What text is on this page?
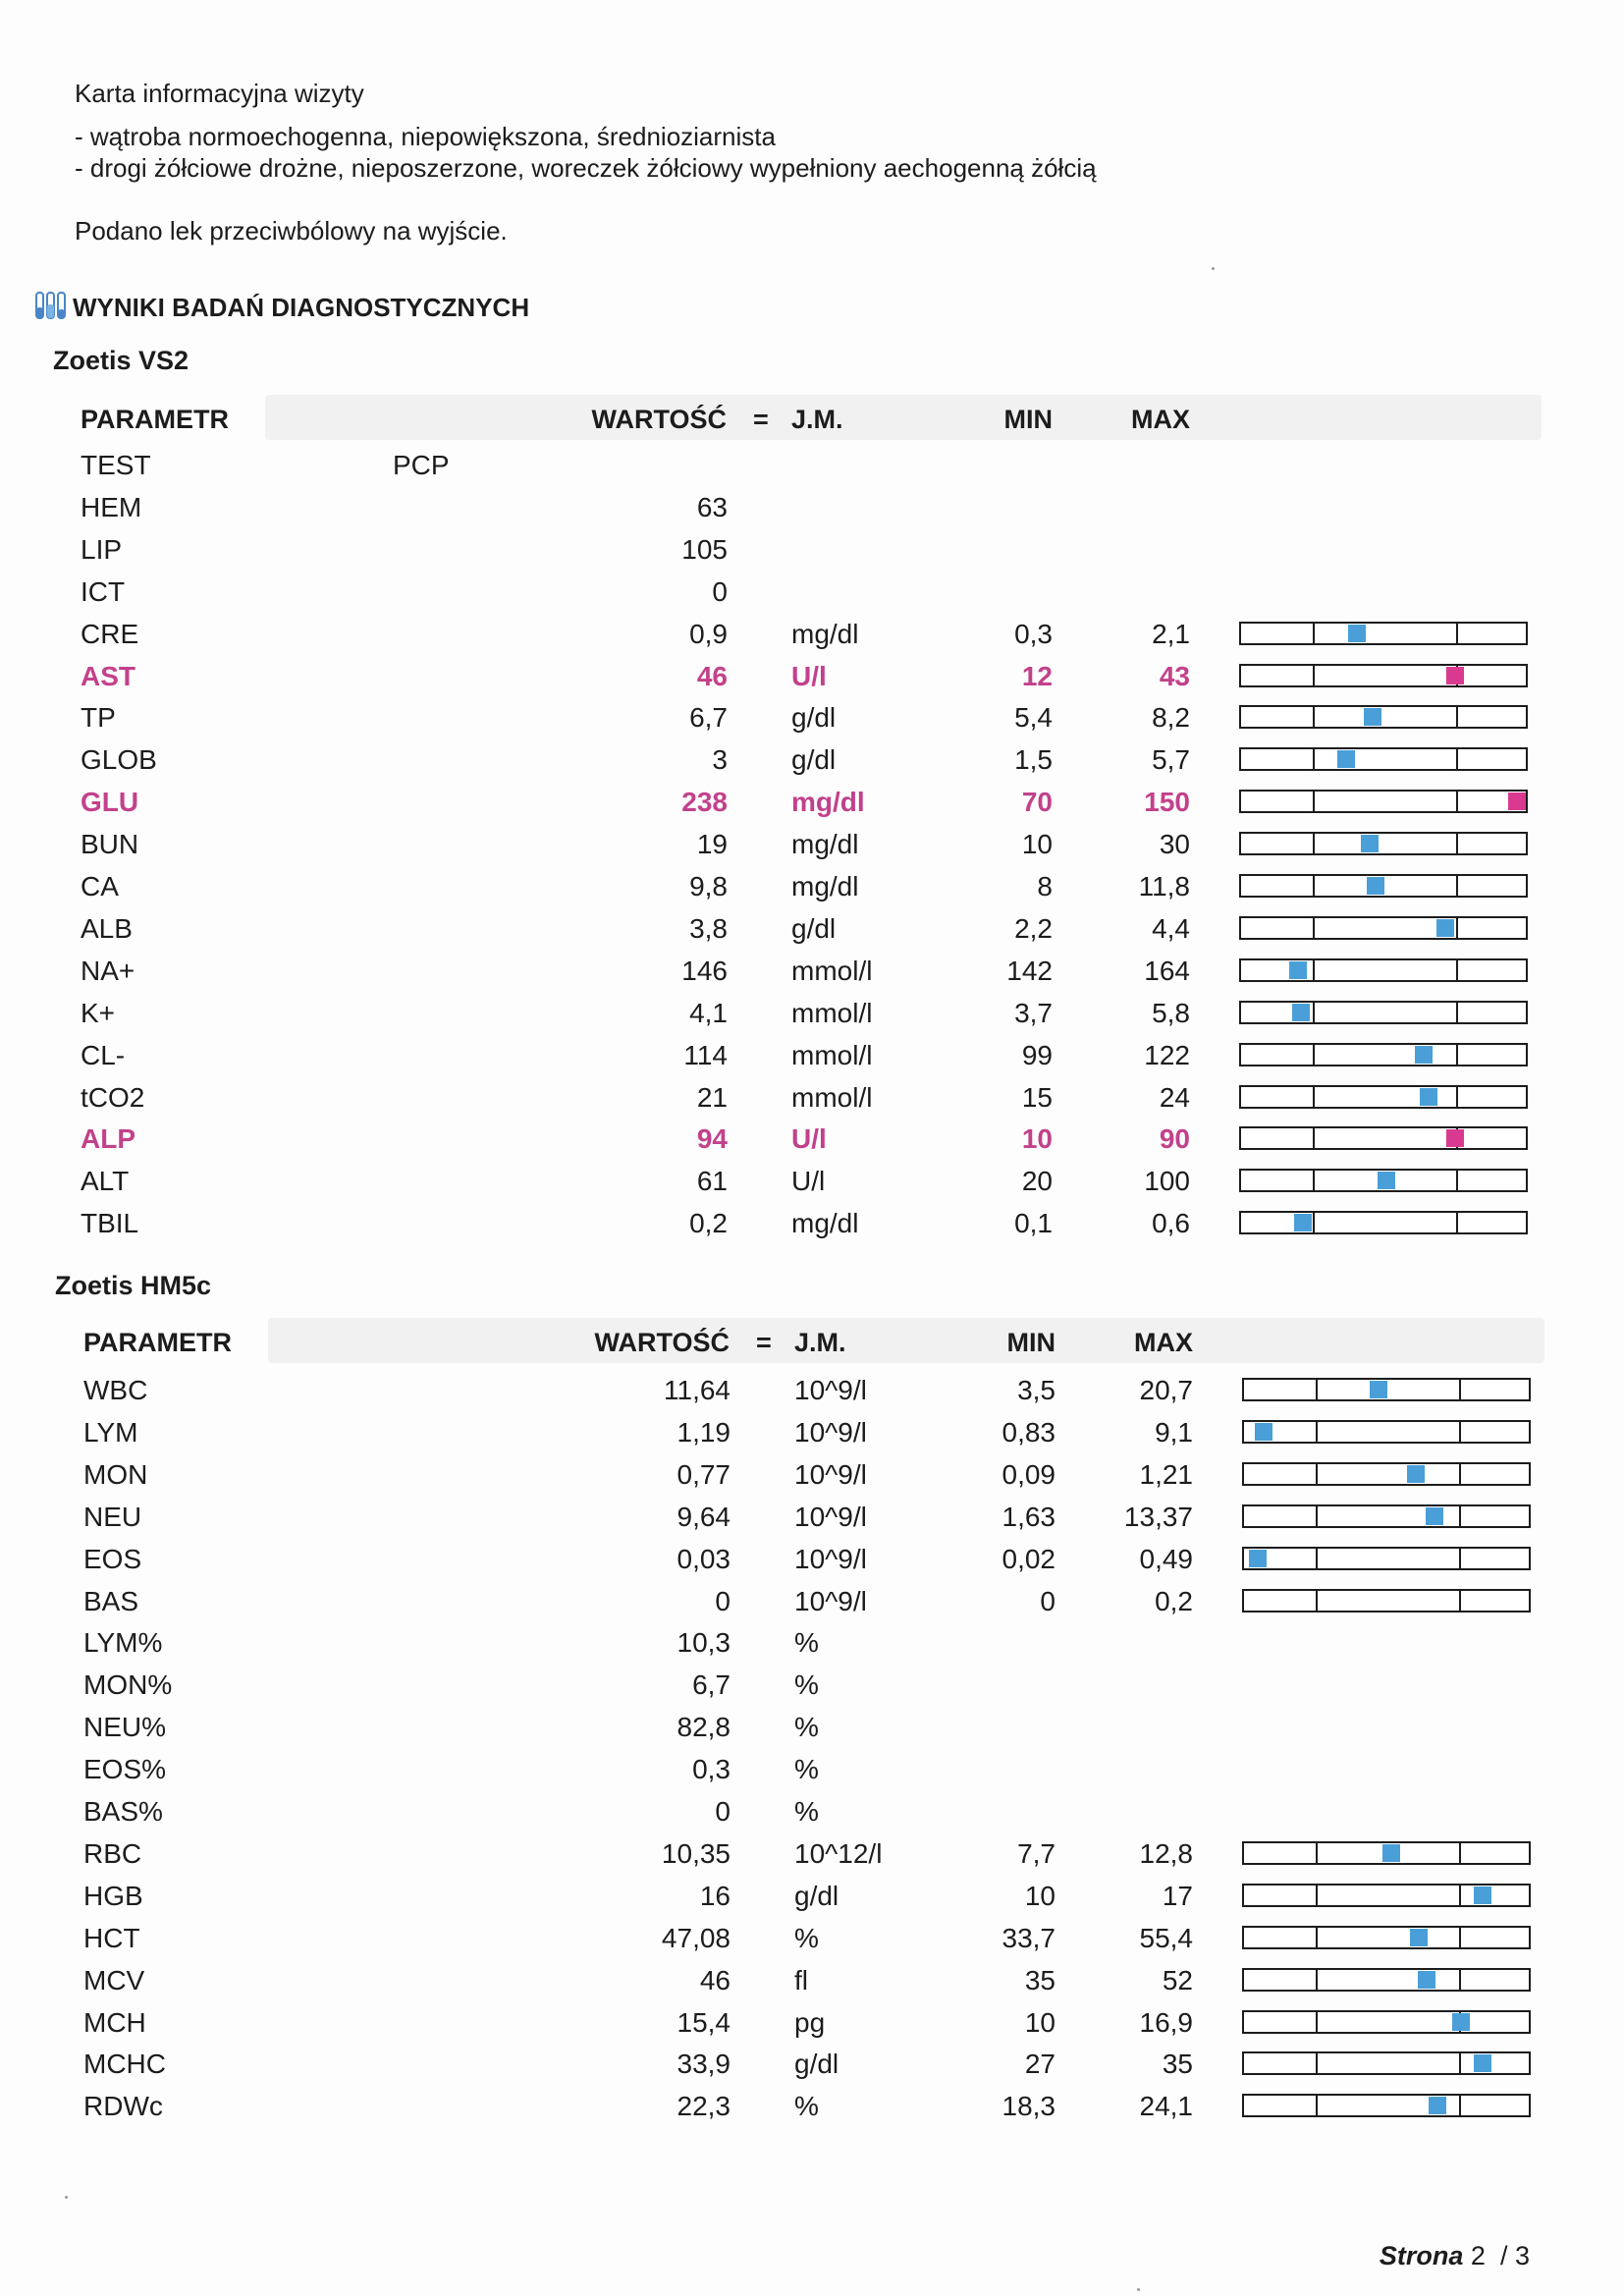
Karta informacyjna wizyty
- wątroba normoechogenna, niepowiększona, średnioziarnista
- drogi żółciowe drożne, nieposzerzone, woreczek żółciowy wypełniony aechogenną żółcią
Podano lek przeciwbólowy na wyjście.
WYNIKI BADAŃ DIAGNOSTYCZNYCH
Zoetis VS2
PARAMETR	WARTOŚĆ = J.M.	MIN	MAX
TEST	PCP
HEM	63
LIP	105
ICT	0
CRE	0,9 mg/dl	0,3	2,1
AST	46 U/l	12	43
TP	6,7 g/dl	5,4	8,2
GLOB	3 g/dl	1,5	5,7
GLU	238 mg/dl	70	150
BUN	19 mg/dl	10	30
CA	9,8 mg/dl	8	11,8
ALB	3,8 g/dl	2,2	4,4
NA+	146 mmol/l	142	164
K+	4,1 mmol/l	3,7	5,8
CL-	114 mmol/l	99	122
tCO2	21 mmol/l	15	24
ALP	94 U/l	10	90
ALT	61 U/l	20	100
TBIL	0,2 mg/dl	0,1	0,6
Zoetis HM5c
PARAMETR	WARTOŚĆ = J.M.	MIN	MAX
WBC	11,64 10^9/l	3,5	20,7
LYM	1,19 10^9/l	0,83	9,1
MON	0,77 10^9/l	0,09	1,21
NEU	9,64 10^9/l	1,63	13,37
EOS	0,03 10^9/l	0,02	0,49
BAS	0 10^9/l	0	0,2
LYM%	10,3 %
MON%	6,7 %
NEU%	82,8 %
EOS%	0,3 %
BAS%	0 %
RBC	10,35 10^12/l	7,7	12,8
HGB	16 g/dl	10	17
HCT	47,08 %	33,7	55,4
MCV	46 fl	35	52
MCH	15,4 pg	10	16,9
MCHC	33,9 g/dl	27	35
RDWc	22,3 %	18,3	24,1
Strona 2 / 3
